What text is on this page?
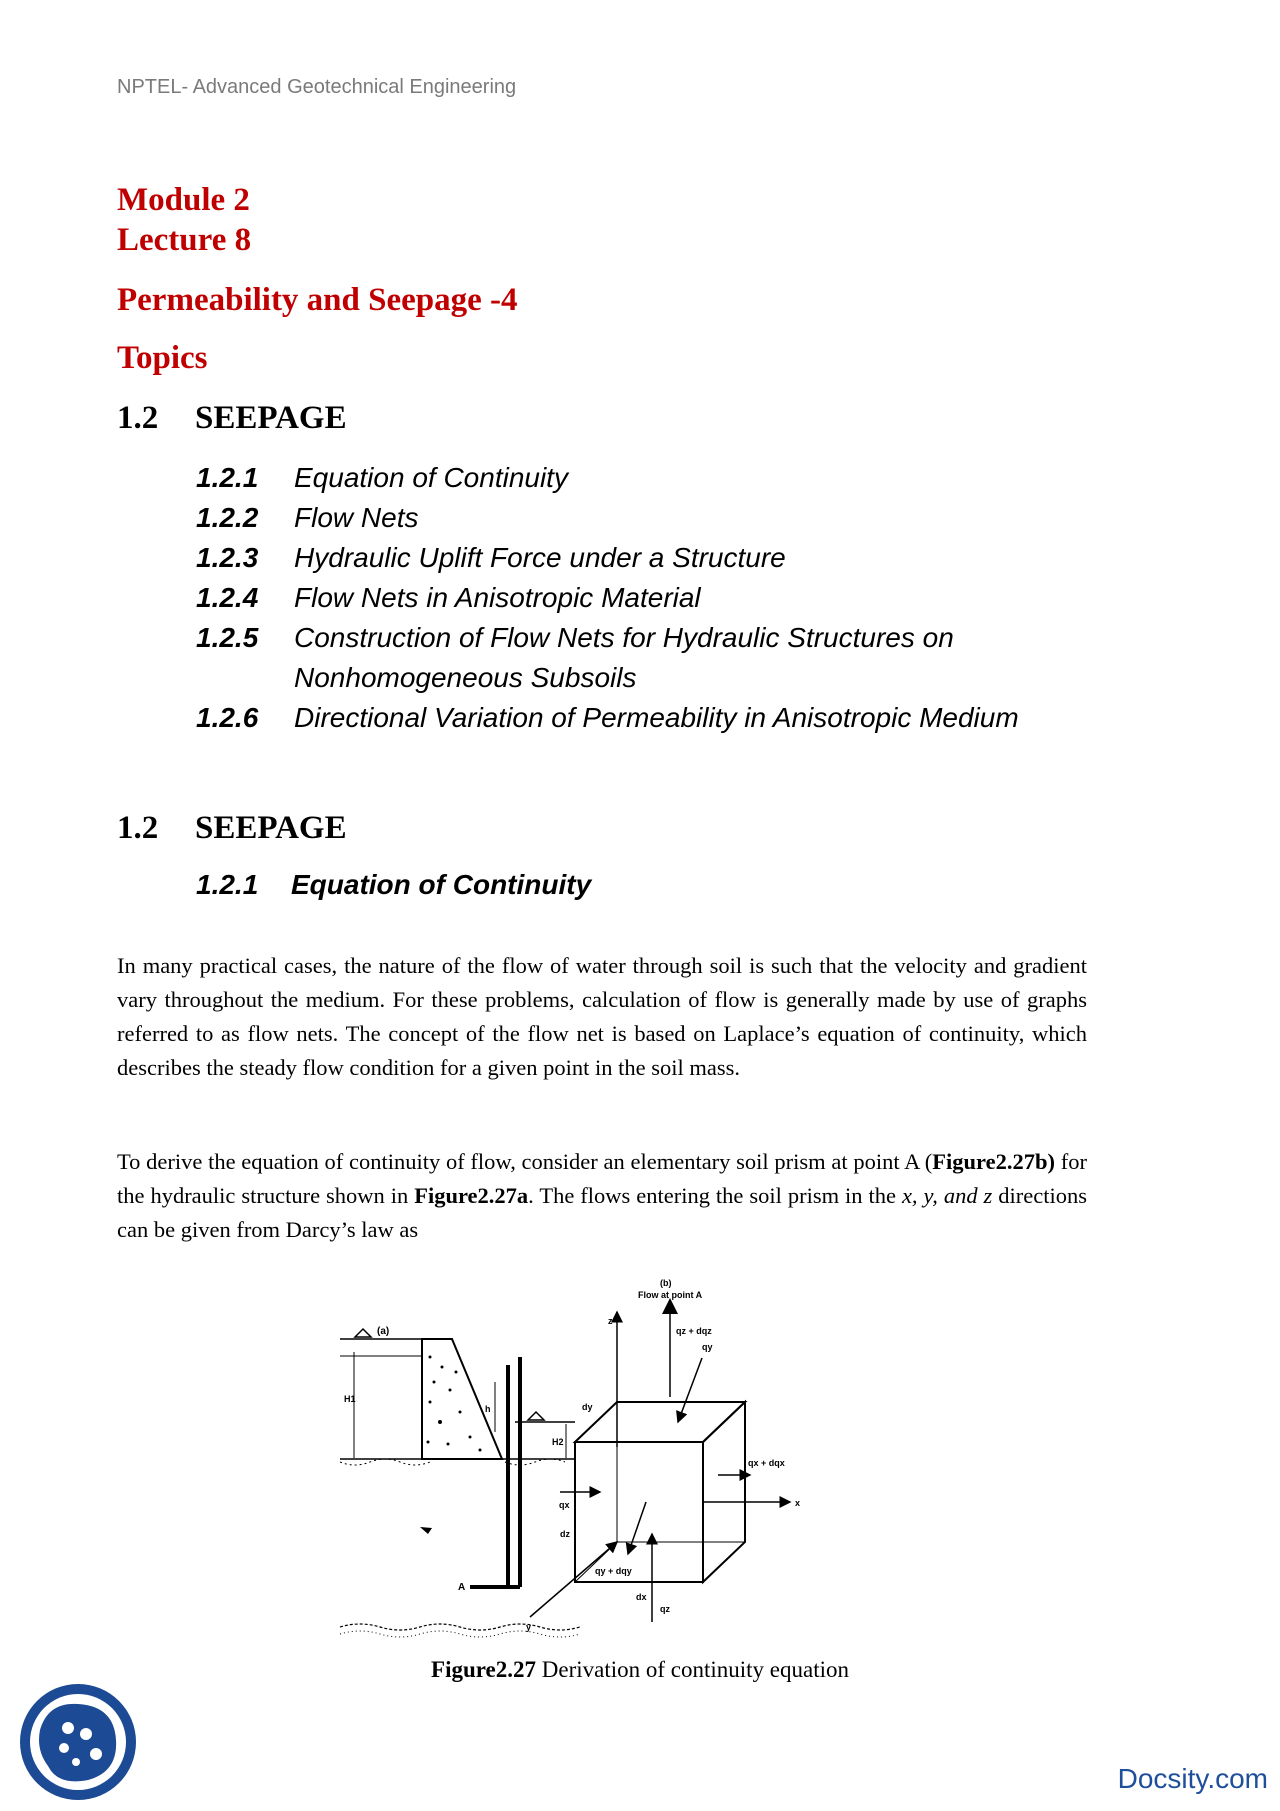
NPTEL- Advanced Geotechnical Engineering
Module 2
Lecture 8
Permeability and Seepage -4
Topics
1.2 SEEPAGE
1.2.1	Equation of Continuity
1.2.2	Flow Nets
1.2.3	Hydraulic Uplift Force under a Structure
1.2.4	Flow Nets in Anisotropic Material
1.2.5	Construction of Flow Nets for Hydraulic Structures on
Nonhomogeneous Subsoils
1.2.6	Directional Variation of Permeability in Anisotropic Medium
1.2 SEEPAGE
1.2.1 Equation of Continuity
In many practical cases, the nature of the flow of water through soil is such that the velocity and gradient vary throughout the medium. For these problems, calculation of flow is generally made by use of graphs referred to as flow nets. The concept of the flow net is based on Laplace’s equation of continuity, which describes the steady flow condition for a given point in the soil mass.
To derive the equation of continuity of flow, consider an elementary soil prism at point A (Figure2.27b) for the hydraulic structure shown in Figure2.27a. The flows entering the soil prism in the x, y, and z directions can be given from Darcy’s law as
(a)
H1
h
H2
A
(b)
Flow at point A
z
qz + dqz
qy
dy
qx + dqx
x
qx
dz
qy + dqy
dx
qz
y
Figure2.27 Derivation of continuity equation
Docsity.com
